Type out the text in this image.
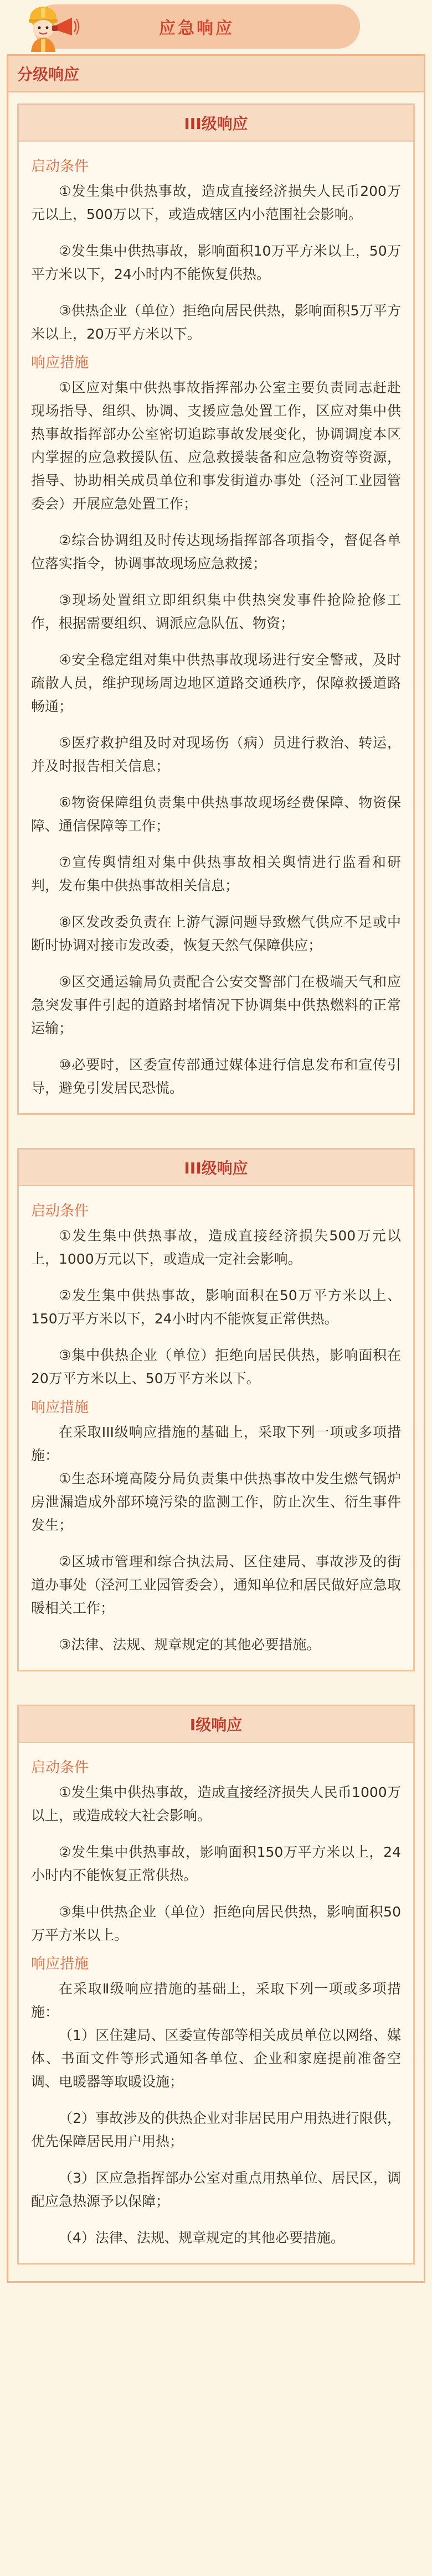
应急响应
分级响应
III级响应
启动条件

①发生集中供热事故，造成直接经济损失人民币200万元以上，500万以下，或造成辖区内小范围社会影响。

②发生集中供热事故，影响面积10万平方米以上，50万平方米以下，24小时内不能恢复供热。

③供热企业（单位）拒绝向居民供热，影响面积5万平方米以上，20万平方米以下。

响应措施

①区应对集中供热事故指挥部办公室主要负责同志赶赴现场指导、组织、协调、支援应急处置工作，区应对集中供热事故指挥部办公室密切追踪事故发展变化，协调调度本区内掌握的应急救援队伍、应急救援装备和应急物资等资源，指导、协助相关成员单位和事发街道办事处（泾河工业园管委会）开展应急处置工作；

②综合协调组及时传达现场指挥部各项指令，督促各单位落实指令，协调事故现场应急救援；

③现场处置组立即组织集中供热突发事件抢险抢修工作，根据需要组织、调派应急队伍、物资；

④安全稳定组对集中供热事故现场进行安全警戒，及时疏散人员，维护现场周边地区道路交通秩序，保障救援道路畅通；

⑤医疗救护组及时对现场伤（病）员进行救治、转运，并及时报告相关信息；

⑥物资保障组负责集中供热事故现场经费保障、物资保障、通信保障等工作；

⑦宣传舆情组对集中供热事故相关舆情进行监看和研判，发布集中供热事故相关信息；

⑧区发改委负责在上游气源问题导致燃气供应不足或中断时协调对接市发改委，恢复天然气保障供应；

⑨区交通运输局负责配合公安交警部门在极端天气和应急突发事件引起的道路封堵情况下协调集中供热燃料的正常运输；

⑩必要时，区委宣传部通过媒体进行信息发布和宣传引导，避免引发居民恐慌。

III级响应
启动条件

①发生集中供热事故，造成直接经济损失500万元以上，1000万元以下，或造成一定社会影响。

②发生集中供热事故，影响面积在50万平方米以上、150万平方米以下，24小时内不能恢复正常供热。

③集中供热企业（单位）拒绝向居民供热，影响面积在20万平方米以上、50万平方米以下。

响应措施

在采取III级响应措施的基础上，采取下列一项或多项措施：

①生态环境高陵分局负责集中供热事故中发生燃气锅炉房泄漏造成外部环境污染的监测工作，防止次生、衍生事件发生；

②区城市管理和综合执法局、区住建局、事故涉及的街道办事处（泾河工业园管委会），通知单位和居民做好应急取暖相关工作；

③法律、法规、规章规定的其他必要措施。

I级响应
启动条件

①发生集中供热事故，造成直接经济损失人民币1000万以上，或造成较大社会影响。

②发生集中供热事故，影响面积150万平方米以上，24小时内不能恢复正常供热。

③集中供热企业（单位）拒绝向居民供热，影响面积50万平方米以上。

响应措施

在采取Ⅱ级响应措施的基础上，采取下列一项或多项措施：

（1）区住建局、区委宣传部等相关成员单位以网络、媒体、书面文件等形式通知各单位、企业和家庭提前准备空调、电暖器等取暖设施；

（2）事故涉及的供热企业对非居民用户用热进行限供，优先保障居民用户用热；

（3）区应急指挥部办公室对重点用热单位、居民区，调配应急热源予以保障；

（4）法律、法规、规章规定的其他必要措施。
